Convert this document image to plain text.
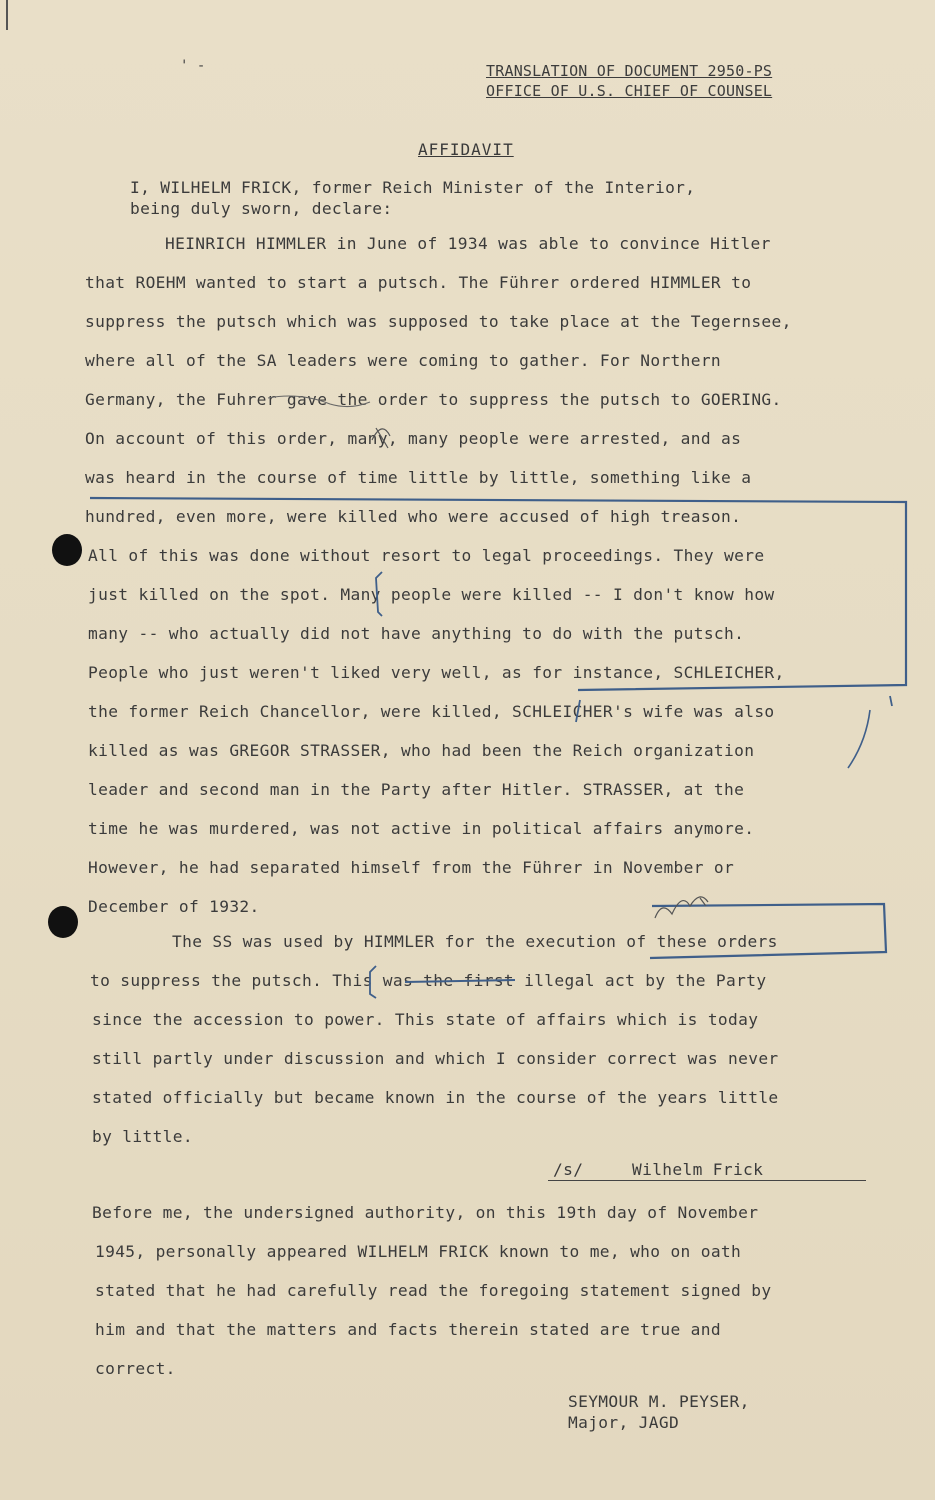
' -	TRANSLATION OF DOCUMENT 2950-PS
OFFICE OF U.S. CHIEF OF COUNSEL
AFFIDAVIT
I, WILHELM FRICK, former Reich Minister of the Interior,
being duly sworn, declare:
HEINRICH HIMMLER in June of 1934 was able to convince Hitler
that ROEHM wanted to start a putsch. The Führer ordered HIMMLER to
suppress the putsch which was supposed to take place at the Tegernsee,
where all of the SA leaders were coming to gather. For Northern
Germany, the Fuhrer gave the order to suppress the putsch to GOERING.
On account of this order, many, many people were arrested, and as
was heard in the course of time little by little, something like a
hundred, even more, were killed who were accused of high treason.
All of this was done without resort to legal proceedings. They were
just killed on the spot. Many people were killed -- I don't know how
many -- who actually did not have anything to do with the putsch.
People who just weren't liked very well, as for instance, SCHLEICHER,
the former Reich Chancellor, were killed, SCHLEICHER's wife was also
killed as was GREGOR STRASSER, who had been the Reich organization
leader and second man in the Party after Hitler. STRASSER, at the
time he was murdered, was not active in political affairs anymore.
However, he had separated himself from the Führer in November or
December of 1932.
The SS was used by HIMMLER for the execution of these orders
to suppress the putsch. This was the first illegal act by the Party
since the accession to power. This state of affairs which is today
still partly under discussion and which I consider correct was never
stated officially but became known in the course of the years little
by little.
/s/	Wilhelm Frick
Before me, the undersigned authority, on this 19th day of November
1945, personally appeared WILHELM FRICK known to me, who on oath
stated that he had carefully read the foregoing statement signed by
him and that the matters and facts therein stated are true and
correct.
SEYMOUR M. PEYSER,
Major, JAGD
